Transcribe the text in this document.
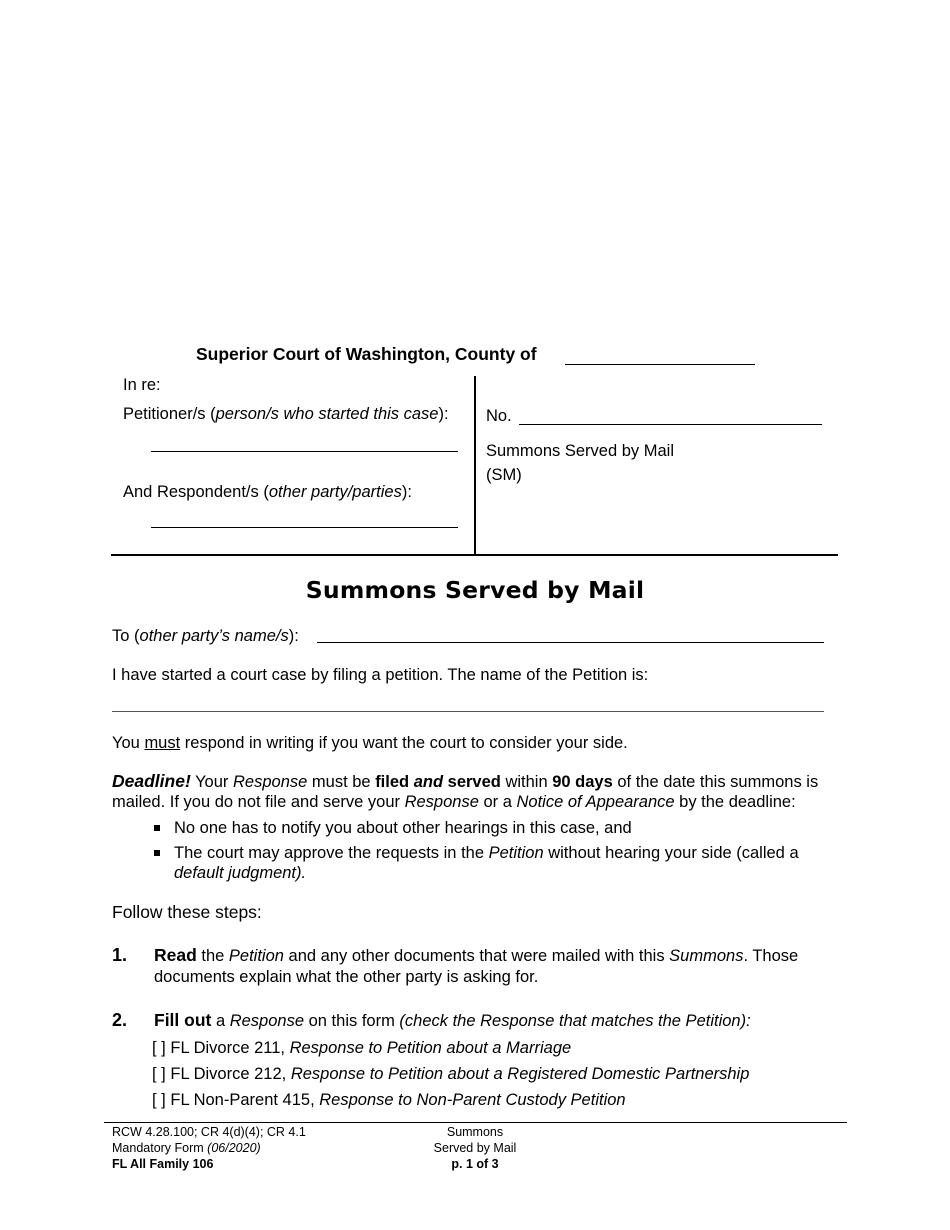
Superior Court of Washington, County of
In re:
Petitioner/s (person/s who started this case):
And Respondent/s (other party/parties):
No.
Summons Served by Mail
(SM)
Summons Served by Mail
To (other party’s name/s):
I have started a court case by filing a petition. The name of the Petition is:
You must respond in writing if you want the court to consider your side.
Deadline! Your Response must be filed and served within 90 days of the date this summons is mailed. If you do not file and serve your Response or a Notice of Appearance by the deadline:
No one has to notify you about other hearings in this case, and
The court may approve the requests in the Petition without hearing your side (called a default judgment).
Follow these steps:
1. Read the Petition and any other documents that were mailed with this Summons. Those documents explain what the other party is asking for.
2. Fill out a Response on this form (check the Response that matches the Petition):
[ ] FL Divorce 211, Response to Petition about a Marriage
[ ] FL Divorce 212, Response to Petition about a Registered Domestic Partnership
[ ] FL Non-Parent 415, Response to Non-Parent Custody Petition
RCW 4.28.100; CR 4(d)(4); CR 4.1
Mandatory Form (06/2020)
FL All Family 106
Summons
Served by Mail
p. 1 of 3
